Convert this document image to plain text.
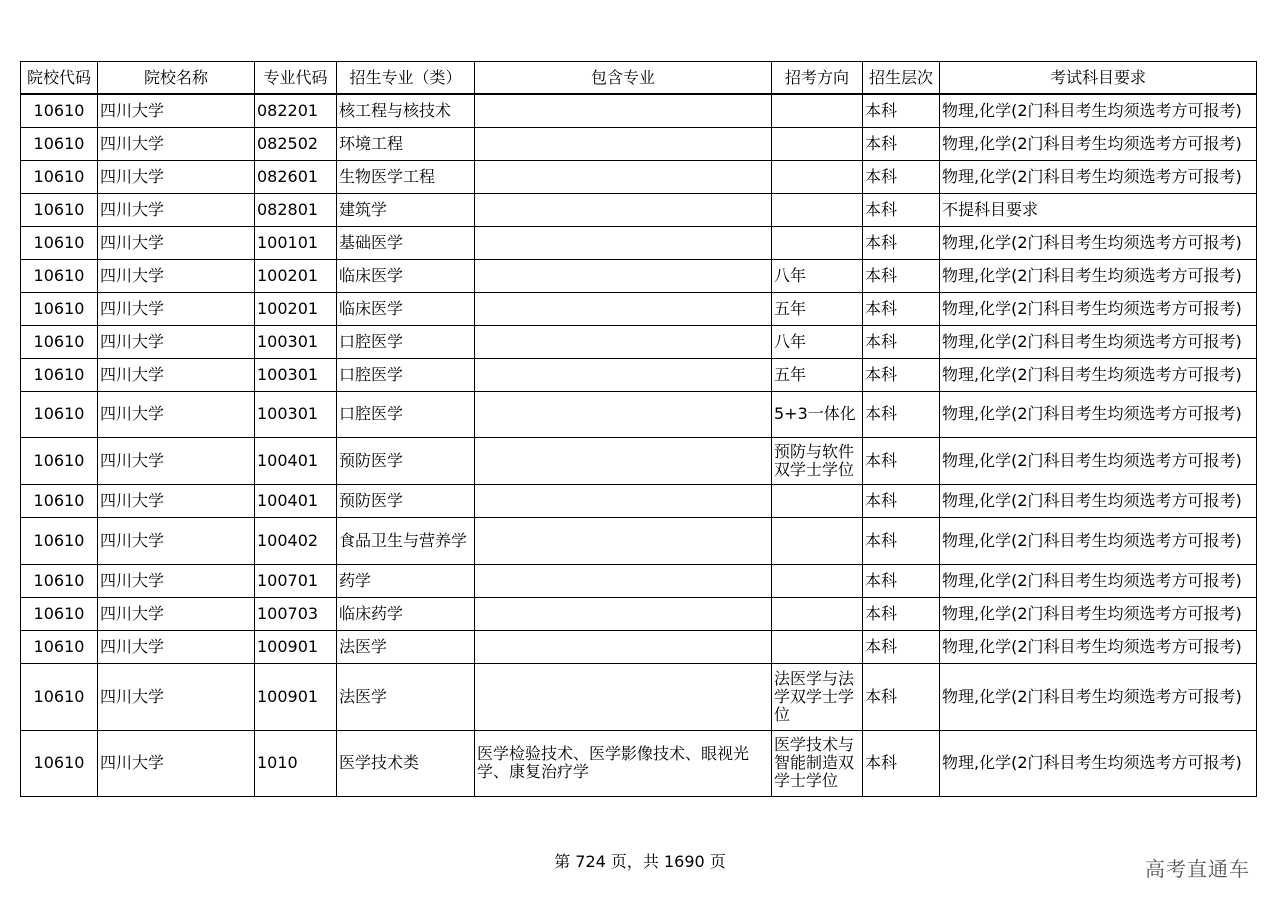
院校代码	院校名称	专业代码	招生专业（类）	包含专业	招考方向	招生层次	考试科目要求
10610	四川大学	082201	核工程与核技术			本科	物理,化学(2门科目考生均须选考方可报考)
10610	四川大学	082502	环境工程			本科	物理,化学(2门科目考生均须选考方可报考)
10610	四川大学	082601	生物医学工程			本科	物理,化学(2门科目考生均须选考方可报考)
10610	四川大学	082801	建筑学			本科	不提科目要求
10610	四川大学	100101	基础医学			本科	物理,化学(2门科目考生均须选考方可报考)
10610	四川大学	100201	临床医学		八年	本科	物理,化学(2门科目考生均须选考方可报考)
10610	四川大学	100201	临床医学		五年	本科	物理,化学(2门科目考生均须选考方可报考)
10610	四川大学	100301	口腔医学		八年	本科	物理,化学(2门科目考生均须选考方可报考)
10610	四川大学	100301	口腔医学		五年	本科	物理,化学(2门科目考生均须选考方可报考)
10610	四川大学	100301	口腔医学		5+3一体化	本科	物理,化学(2门科目考生均须选考方可报考)
10610	四川大学	100401	预防医学		预防与软件双学士学位	本科	物理,化学(2门科目考生均须选考方可报考)
10610	四川大学	100401	预防医学			本科	物理,化学(2门科目考生均须选考方可报考)
10610	四川大学	100402	食品卫生与营养学			本科	物理,化学(2门科目考生均须选考方可报考)
10610	四川大学	100701	药学			本科	物理,化学(2门科目考生均须选考方可报考)
10610	四川大学	100703	临床药学			本科	物理,化学(2门科目考生均须选考方可报考)
10610	四川大学	100901	法医学			本科	物理,化学(2门科目考生均须选考方可报考)
10610	四川大学	100901	法医学		法医学与法学双学士学位	本科	物理,化学(2门科目考生均须选考方可报考)
10610	四川大学	1010	医学技术类	医学检验技术、医学影像技术、眼视光学、康复治疗学	医学技术与智能制造双学士学位	本科	物理,化学(2门科目考生均须选考方可报考)
第 724 页，共 1690 页	高考直通车
